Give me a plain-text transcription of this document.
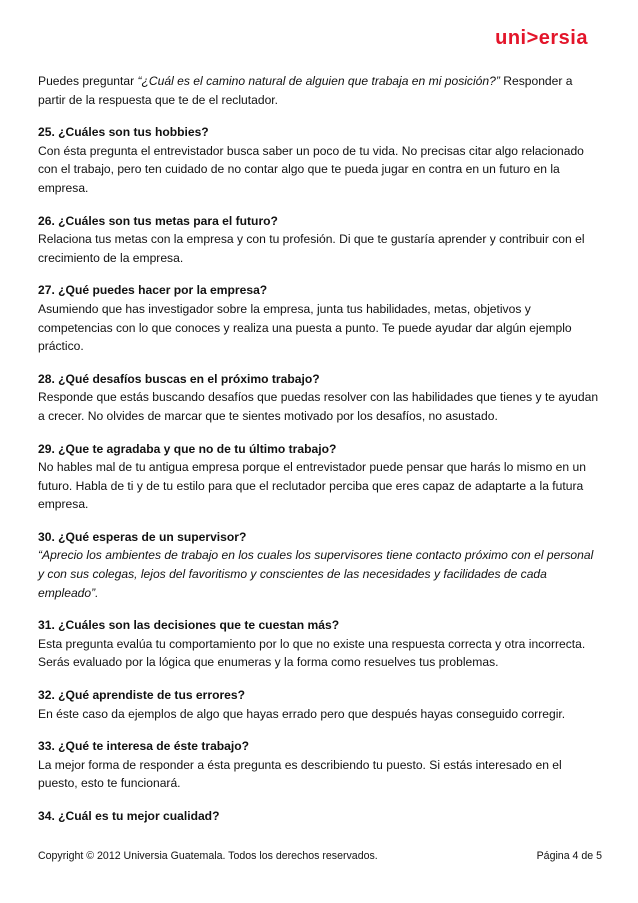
uni>ersia

Puedes preguntar “¿Cuál es el camino natural de alguien que trabaja en mi posición?” Responder a partir de la respuesta que te de el reclutador.

25. ¿Cuáles son tus hobbies?
Con ésta pregunta el entrevistador busca saber un poco de tu vida. No precisas citar algo relacionado con el trabajo, pero ten cuidado de no contar algo que te pueda jugar en contra en un futuro en la empresa.
26. ¿Cuáles son tus metas para el futuro?
Relaciona tus metas con la empresa y con tu profesión. Di que te gustaría aprender y contribuir con el crecimiento de la empresa.
27. ¿Qué puedes hacer por la empresa?
Asumiendo que has investigador sobre la empresa, junta tus habilidades, metas, objetivos y competencias con lo que conoces y realiza una puesta a punto. Te puede ayudar dar algún ejemplo práctico.
28. ¿Qué desafíos buscas en el próximo trabajo?
Responde que estás buscando desafíos que puedas resolver con las habilidades que tienes y te ayudan a crecer. No olvides de marcar que te sientes motivado por los desafíos, no asustado.
29. ¿Que te agradaba y que no de tu último trabajo?
No hables mal de tu antigua empresa porque el entrevistador puede pensar que harás lo mismo en un futuro. Habla de ti y de tu estilo para que el reclutador perciba que eres capaz de adaptarte a la futura empresa.
30. ¿Qué esperas de un supervisor?
“Aprecio los ambientes de trabajo en los cuales los supervisores tiene contacto próximo con el personal y con sus colegas, lejos del favoritismo y conscientes de las necesidades y facilidades de cada empleado”.
31. ¿Cuáles son las decisiones que te cuestan más?
Esta pregunta evalúa tu comportamiento por lo que no existe una respuesta correcta y otra incorrecta. Serás evaluado por la lógica que enumeras y la forma como resuelves tus problemas.
32. ¿Qué aprendiste de tus errores?
En éste caso da ejemplos de algo que hayas errado pero que después hayas conseguido corregir.
33. ¿Qué te interesa de éste trabajo?
La mejor forma de responder a ésta pregunta es describiendo tu puesto. Si estás interesado en el puesto, esto te funcionará.
34. ¿Cuál es tu mejor cualidad?
Copyright © 2012 Universia Guatemala. Todos los derechos reservados.	Página 4 de 5
